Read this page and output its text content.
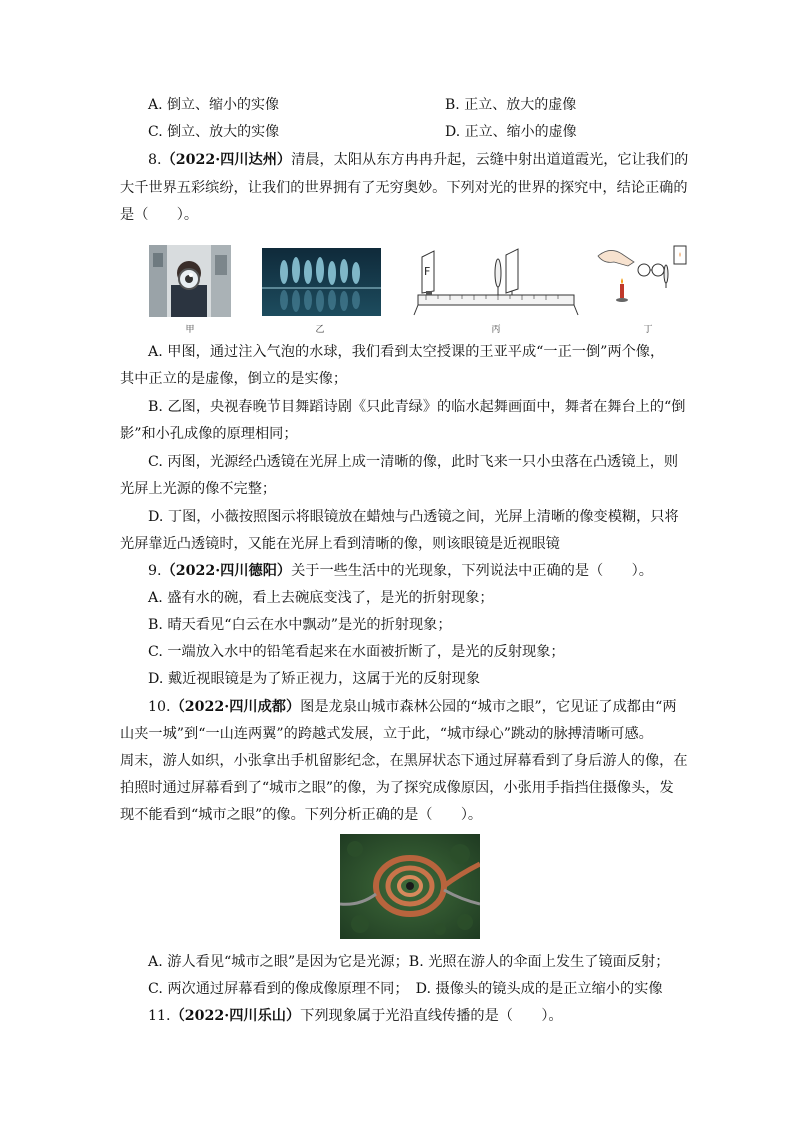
A. 倒立、缩小的实像	B. 正立、放大的虚像
C. 倒立、放大的实像	D. 正立、缩小的虚像
8.（2022·四川达州）清晨，太阳从东方冉冉升起，云缝中射出道道霞光，它让我们的
大千世界五彩缤纷，让我们的世界拥有了无穷奥妙。下列对光的世界的探究中，结论正确的
是（　　）。
甲	乙
F
丙	丁
A. 甲图，通过注入气泡的水球，我们看到太空授课的王亚平成“一正一倒”两个像，
其中正立的是虚像，倒立的是实像；
B. 乙图，央视春晚节目舞蹈诗剧《只此青绿》的临水起舞画面中，舞者在舞台上的“倒
影”和小孔成像的原理相同；
C. 丙图，光源经凸透镜在光屏上成一清晰的像，此时飞来一只小虫落在凸透镜上，则
光屏上光源的像不完整；
D. 丁图，小薇按照图示将眼镜放在蜡烛与凸透镜之间，光屏上清晰的像变模糊，只将
光屏靠近凸透镜时，又能在光屏上看到清晰的像，则该眼镜是近视眼镜
9.（2022·四川德阳）关于一些生活中的光现象，下列说法中正确的是（　　）。
A. 盛有水的碗，看上去碗底变浅了，是光的折射现象；
B. 晴天看见“白云在水中飘动”是光的折射现象；
C. 一端放入水中的铅笔看起来在水面被折断了，是光的反射现象；
D. 戴近视眼镜是为了矫正视力，这属于光的反射现象
10.（2022·四川成都）图是龙泉山城市森林公园的“城市之眼”，它见证了成都由“两
山夹一城”到“一山连两翼”的跨越式发展，立于此，“城市绿心”跳动的脉搏清晰可感。
周末，游人如织，小张拿出手机留影纪念，在黑屏状态下通过屏幕看到了身后游人的像，在
拍照时通过屏幕看到了“城市之眼”的像，为了探究成像原因，小张用手指挡住摄像头，发
现不能看到“城市之眼”的像。下列分析正确的是（　　）。
A. 游人看见“城市之眼”是因为它是光源；B. 光照在游人的伞面上发生了镜面反射；
C. 两次通过屏幕看到的像成像原理不同；　D. 摄像头的镜头成的是正立缩小的实像
11.（2022·四川乐山）下列现象属于光沿直线传播的是（　　）。
